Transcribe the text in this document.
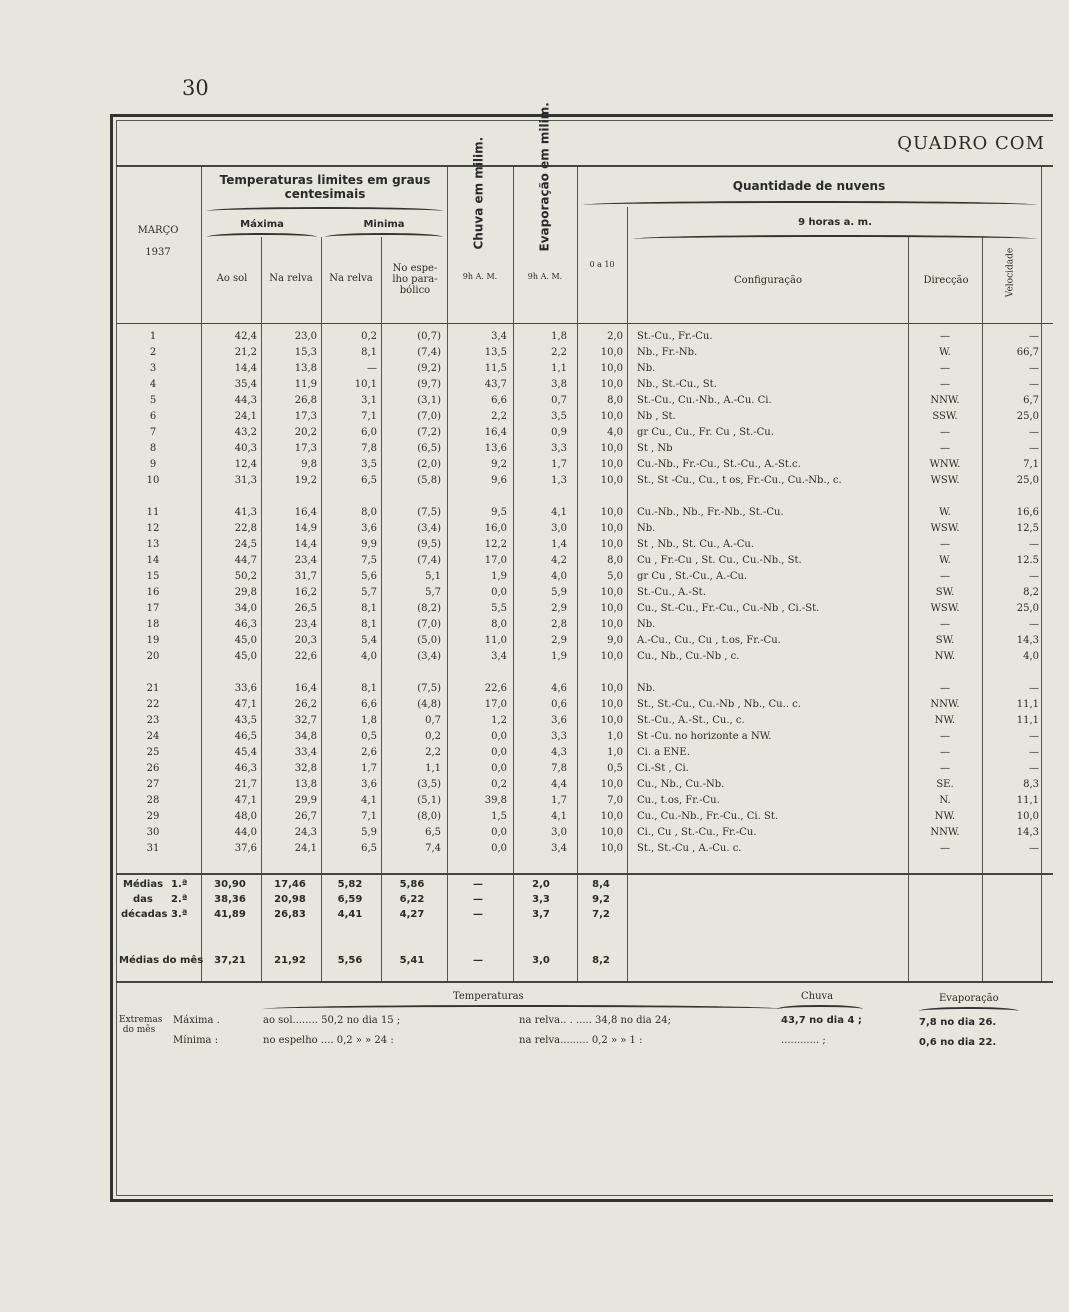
30
QUADRO COM
MARÇO
1937
Temperaturas limites em graus centesimais
Máxima	Minima
Ao sol	Na relva	Na relva
No espe- lho para- bólico
Chuva em milim.	Evaporação em milim.
9h A. M.	9h A. M.
Quantidade de nuvens
9 horas a. m.
0 a 10
Configuração	Direcção	Velocidade
1	42,4	23,0	0,2	(0,7)	3,4	1,8	2,0 St.-Cu., Fr.-Cu.	—	—
2	21,2	15,3	8,1	(7,4)	13,5	2,2	10,0 Nb., Fr.-Nb.	W.	66,7
3	14,4	13,8	—	(9,2)	11,5	1,1	10,0 Nb.	—	—
4	35,4	11,9	10,1	(9,7)	43,7	3,8	10,0 Nb., St.-Cu., St.	—	—
5	44,3	26,8	3,1	(3,1)	6,6	0,7	8,0 St.-Cu., Cu.-Nb., A.-Cu. Ci.	NNW.	6,7
6	24,1	17,3	7,1	(7,0)	2,2	3,5	10,0 Nb , St.	SSW.	25,0
7	43,2	20,2	6,0	(7,2)	16,4	0,9	4,0 gr Cu., Cu., Fr. Cu , St.-Cu.	—	—
8	40,3	17,3	7,8	(6,5)	13,6	3,3	10,0 St , Nb	—	—
9	12,4	9,8	3,5	(2,0)	9,2	1,7	10,0 Cu.-Nb., Fr.-Cu., St.-Cu., A.-St.c.	WNW.	7,1
10	31,3	19,2	6,5	(5,8)	9,6	1,3	10,0 St., St -Cu., Cu., t os, Fr.-Cu., Cu.-Nb., c.	WSW.	25,0
11	41,3	16,4	8,0	(7,5)	9,5	4,1	10,0 Cu.-Nb., Nb., Fr.-Nb., St.-Cu.	W.	16,6
12	22,8	14,9	3,6	(3,4)	16,0	3,0	10,0 Nb.	WSW.	12,5
13	24,5	14,4	9,9	(9,5)	12,2	1,4	10,0 St , Nb., St. Cu., A.-Cu.	—	—
14	44,7	23,4	7,5	(7,4)	17,0	4,2	8,0 Cu , Fr.-Cu , St. Cu., Cu.-Nb., St.	W.	12.5
15	50,2	31,7	5,6	5,1	1,9	4,0	5,0 gr Cu , St.-Cu., A.-Cu.	—	—
16	29,8	16,2	5,7	5,7	0,0	5,9	10,0 St.-Cu., A.-St.	SW.	8,2
17	34,0	26,5	8,1	(8,2)	5,5	2,9	10,0 Cu., St.-Cu., Fr.-Cu., Cu.-Nb , Ci.-St.	WSW.	25,0
18	46,3	23,4	8,1	(7,0)	8,0	2,8	10,0 Nb.	—	—
19	45,0	20,3	5,4	(5,0)	11,0	2,9	9,0 A.-Cu., Cu., Cu , t.os, Fr.-Cu.	SW.	14,3
20	45,0	22,6	4,0	(3,4)	3,4	1,9	10,0 Cu., Nb., Cu.-Nb , c.	NW.	4,0
21	33,6	16,4	8,1	(7,5)	22,6	4,6	10,0 Nb.	—	—
22	47,1	26,2	6,6	(4,8)	17,0	0,6	10,0 St., St.-Cu., Cu.-Nb , Nb., Cu.. c.	NNW.	11,1
23	43,5	32,7	1,8	0,7	1,2	3,6	10,0 St.-Cu., A.-St., Cu., c.	NW.	11,1
24	46,5	34,8	0,5	0,2	0,0	3,3	1,0 St -Cu. no horizonte a NW.	—	—
25	45,4	33,4	2,6	2,2	0,0	4,3	1,0 Ci. a ENE.	—	—
26	46,3	32,8	1,7	1,1	0,0	7,8	0,5 Ci.-St , Ci.	—	—
27	21,7	13,8	3,6	(3,5)	0,2	4,4	10,0 Cu., Nb., Cu.-Nb.	SE.	8,3
28	47,1	29,9	4,1	(5,1)	39,8	1,7	7,0 Cu., t.os, Fr.-Cu.	N.	11,1
29	48,0	26,7	7,1	(8,0)	1,5	4,1	10,0 Cu., Cu.-Nb., Fr.-Cu., Ci. St.	NW.	10,0
30	44,0	24,3	5,9	6,5	0,0	3,0	10,0 Ci., Cu , St.-Cu., Fr.-Cu.	NNW.	14,3
31	37,6	24,1	6,5	7,4	0,0	3,4	10,0 St., St.-Cu , A.-Cu. c.	—	—
Médias
das
décadas
1.ª	30,90	17,46	5,82	5,86	—	2,0	8,4
2.ª	38,36	20,98	6,59	6,22	—	3,3	9,2
3.ª	41,89	26,83	4,41	4,27	—	3,7	7,2
Médias do mês	37,21	21,92	5,56	5,41	—	3,0	8,2
Temperaturas	Chuva	Evaporação
Extremas do mês
Máxima .
Mínima :
ao sol........ 50,2 no dia 15 ;	na relva.. . ..... 34,8 no dia 24;	43,7 no dia 4 ;	7,8 no dia 26.
no espelho .... 0,2 » » 24 :	na relva......... 0,2 » » 1 :	............ ;	0,6 no dia 22.
